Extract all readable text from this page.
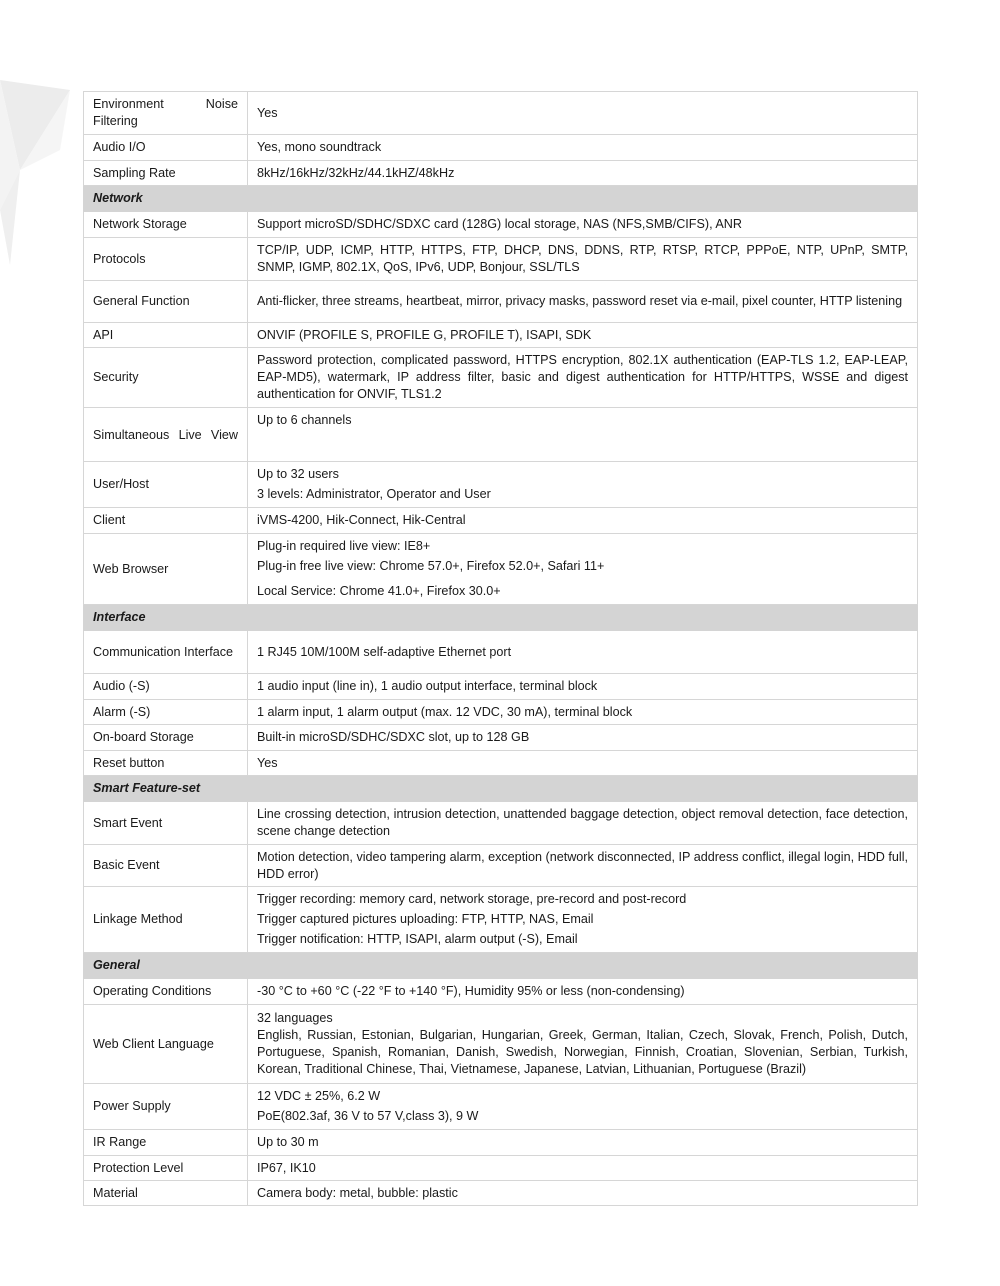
Environment Noise Filtering	Yes

Audio I/O	Yes, mono soundtrack

Sampling Rate	8kHz/16kHz/32kHz/44.1kHZ/48kHz

Network	
Network Storage	Support microSD/SDHC/SDXC card (128G) local storage, NAS (NFS,SMB/CIFS), ANR

Protocols	TCP/IP, UDP, ICMP, HTTP, HTTPS, FTP, DHCP, DNS, DDNS, RTP, RTSP, RTCP, PPPoE, NTP, UPnP, SMTP, SNMP, IGMP, 802.1X, QoS, IPv6, UDP, Bonjour, SSL/TLS

General Function	Anti-flicker, three streams, heartbeat, mirror, privacy masks, password reset via e-mail, pixel counter, HTTP listening

API	ONVIF (PROFILE S, PROFILE G, PROFILE T), ISAPI, SDK

Security	Password protection, complicated password, HTTPS encryption, 802.1X authentication (EAP-TLS 1.2, EAP-LEAP, EAP-MD5), watermark, IP address filter, basic and digest authentication for HTTP/HTTPS, WSSE and digest authentication for ONVIF, TLS1.2

Simultaneous Live View	Up to 6 channels

User/Host	Up to 32 users
3 levels: Administrator, Operator and User

Client	iVMS-4200, Hik-Connect, Hik-Central

Web Browser	Plug-in required live view: IE8+
Plug-in free live view: Chrome 57.0+, Firefox 52.0+, Safari 11+
Local Service: Chrome 41.0+, Firefox 30.0+

Interface	
Communication Interface	1 RJ45 10M/100M self-adaptive Ethernet port

Audio (-S)	1 audio input (line in), 1 audio output interface, terminal block

Alarm (-S)	1 alarm input, 1 alarm output (max. 12 VDC, 30 mA), terminal block

On-board Storage	Built-in microSD/SDHC/SDXC slot, up to 128 GB

Reset button	Yes

Smart Feature-set	
Smart Event	Line crossing detection, intrusion detection, unattended baggage detection, object removal detection, face detection, scene change detection

Basic Event	Motion detection, video tampering alarm, exception (network disconnected, IP address conflict, illegal login, HDD full, HDD error)

Linkage Method	Trigger recording: memory card, network storage, pre-record and post-record
Trigger captured pictures uploading: FTP, HTTP, NAS, Email
Trigger notification: HTTP, ISAPI, alarm output (-S), Email

General	
Operating Conditions	-30 °C to +60 °C (-22 °F to +140 °F), Humidity 95% or less (non-condensing)

Web Client Language	32 languages
English, Russian, Estonian, Bulgarian, Hungarian, Greek, German, Italian, Czech, Slovak, French, Polish, Dutch, Portuguese, Spanish, Romanian, Danish, Swedish, Norwegian, Finnish, Croatian, Slovenian, Serbian, Turkish, Korean, Traditional Chinese, Thai, Vietnamese, Japanese, Latvian, Lithuanian, Portuguese (Brazil)

Power Supply	12 VDC ± 25%, 6.2 W
PoE(802.3af, 36 V to 57 V,class 3), 9 W

IR Range	Up to 30 m

Protection Level	IP67, IK10

Material	Camera body: metal, bubble: plastic
